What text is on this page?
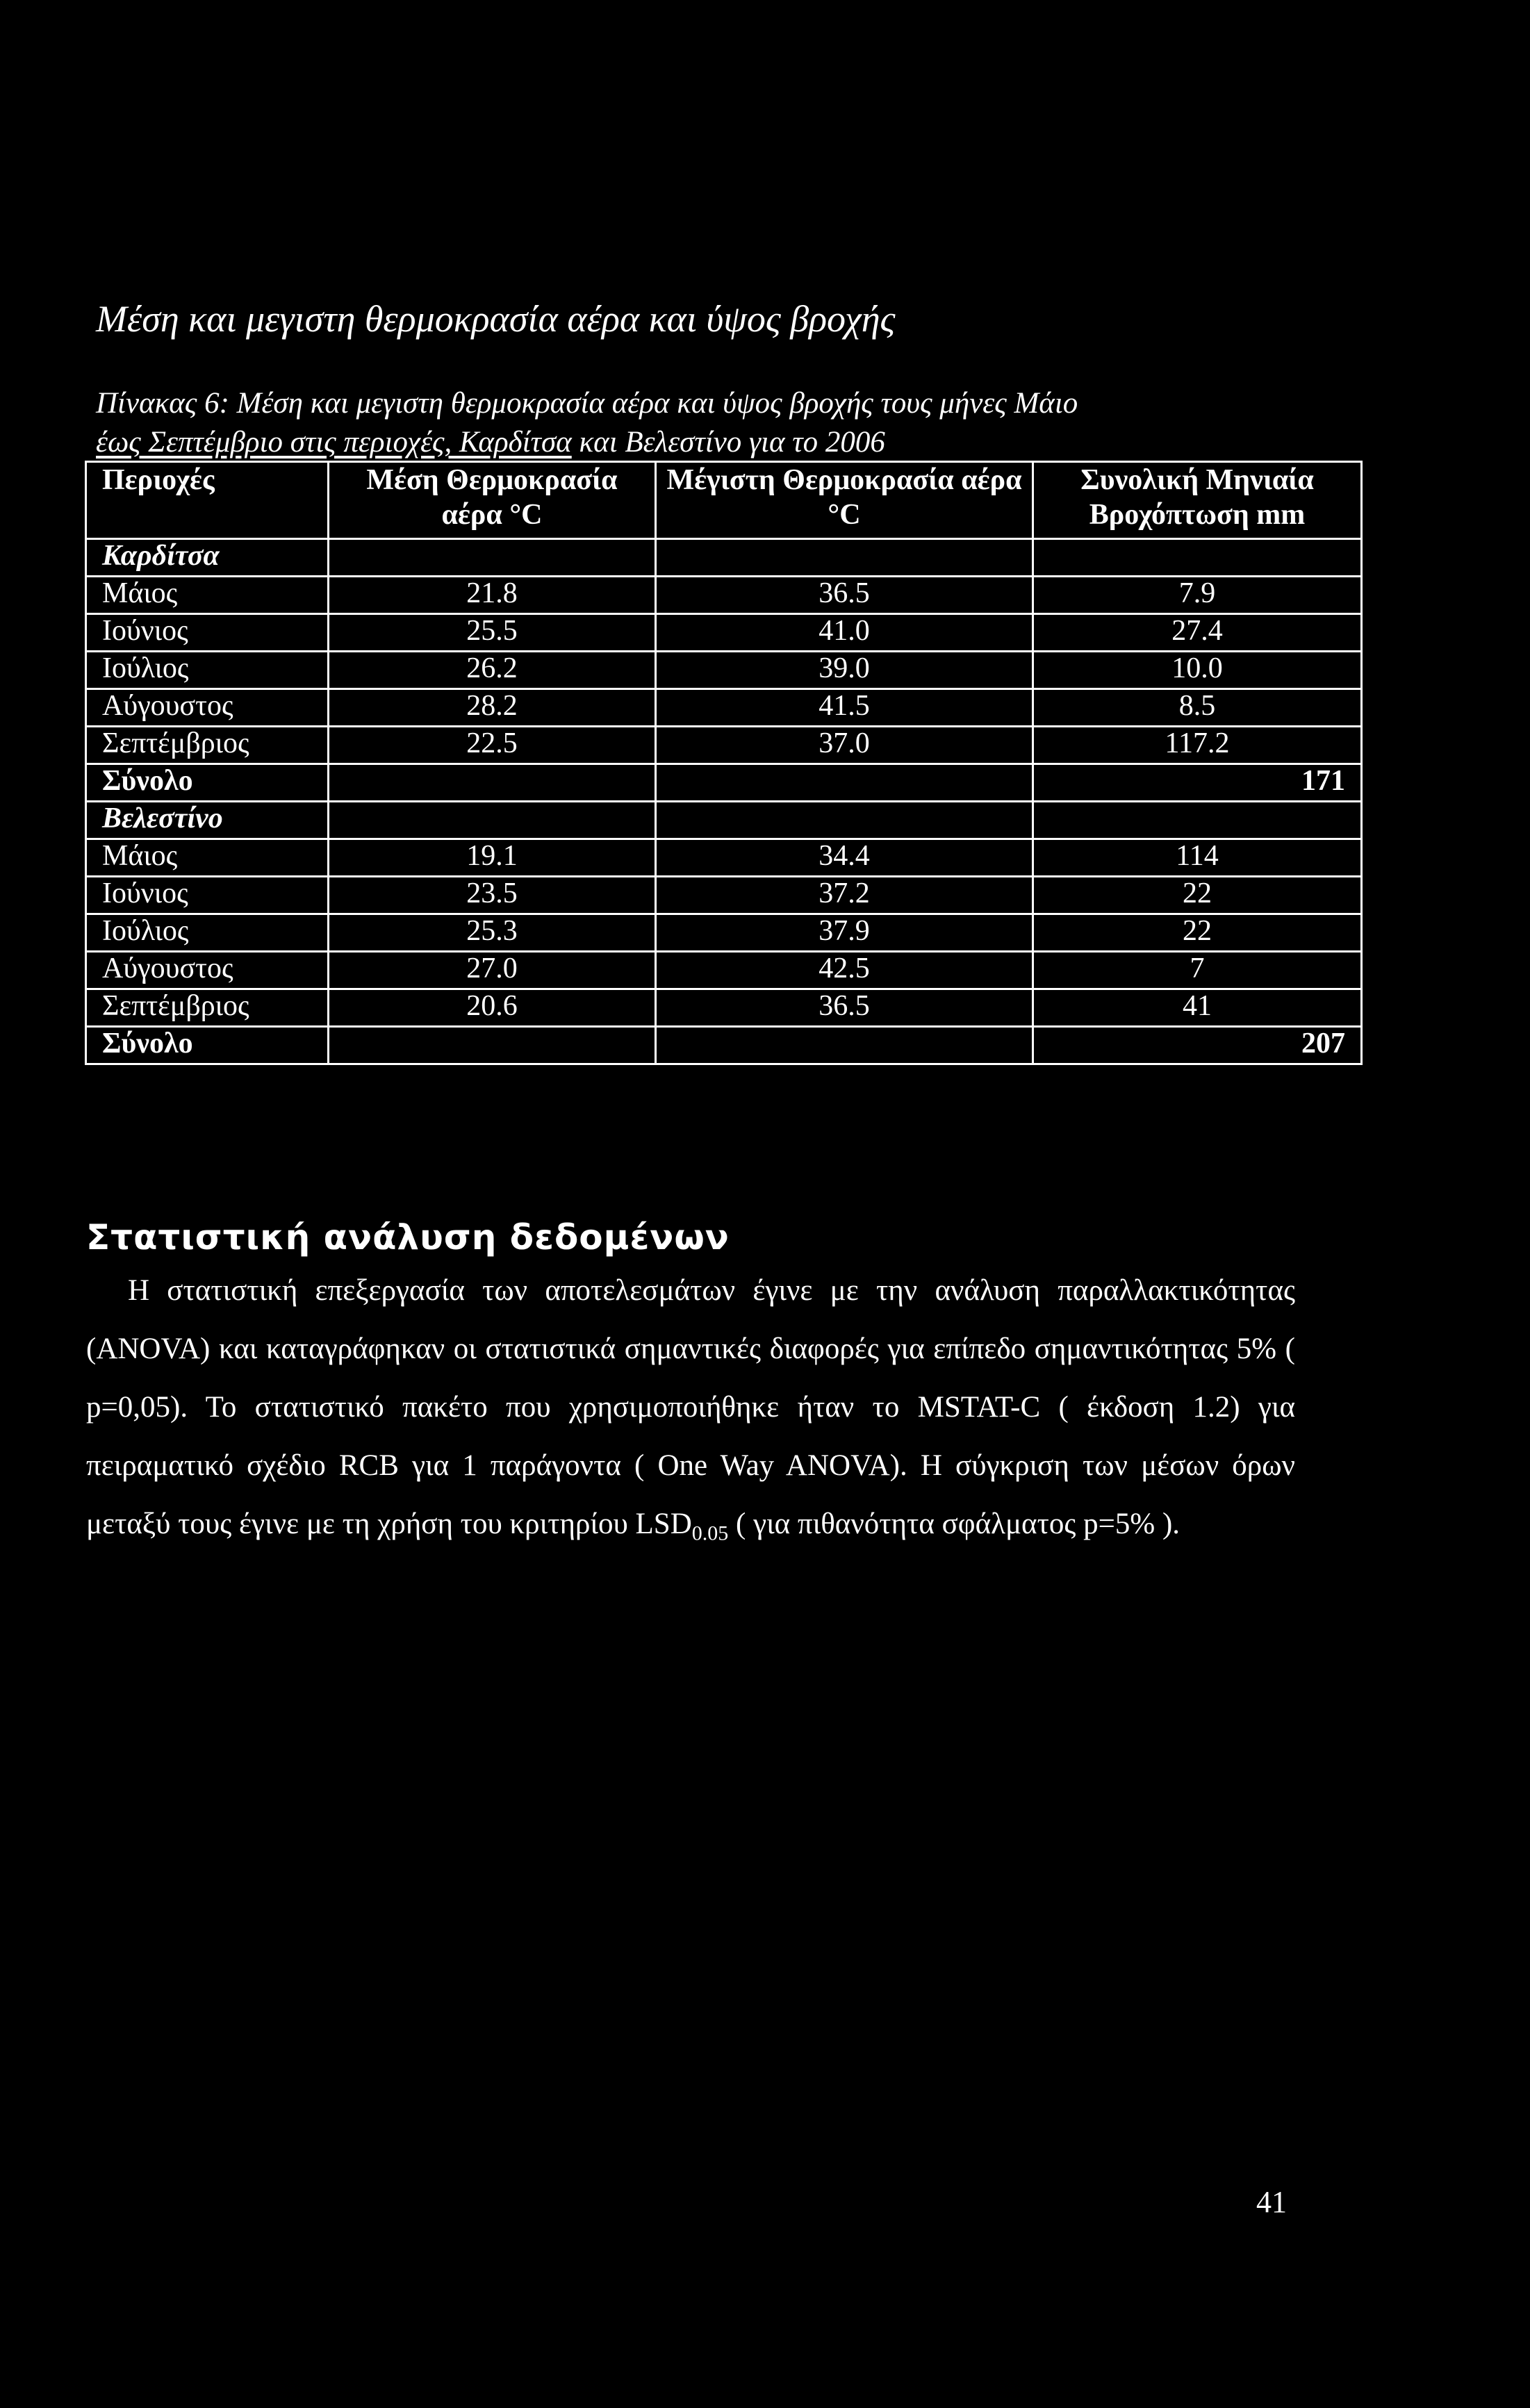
Μέση και μεγιστη θερμοκρασία αέρα και ύψος βροχής
Πίνακας 6: Μέση και μεγιστη θερμοκρασία αέρα και ύψος βροχής τους μήνες Μάιο
έως Σεπτέμβριο στις περιοχές, Καρδίτσα και Βελεστίνο για το 2006
Περιοχές	Μέση Θερμοκρασία αέρα °C	Μέγιστη Θερμοκρασία αέρα °C	Συνολική Μηνιαία Βροχόπτωση mm
Καρδίτσα			
Μάιος	21.8	36.5	7.9
Ιούνιος	25.5	41.0	27.4
Ιούλιος	26.2	39.0	10.0
Αύγουστος	28.2	41.5	8.5
Σεπτέμβριος	22.5	37.0	117.2
Σύνολο			171
Βελεστίνο			
Μάιος	19.1	34.4	114
Ιούνιος	23.5	37.2	22
Ιούλιος	25.3	37.9	22
Αύγουστος	27.0	42.5	7
Σεπτέμβριος	20.6	36.5	41
Σύνολο			207
Στατιστική ανάλυση δεδομένων
Η στατιστική επεξεργασία των αποτελεσμάτων έγινε με την ανάλυση παραλλακτικότητας (ANOVA) και καταγράφηκαν οι στατιστικά σημαντικές διαφορές για επίπεδο σημαντικότητας 5% ( p=0,05). Το στατιστικό πακέτο που χρησιμοποιήθηκε ήταν το MSTAT-C ( έκδοση 1.2) για πειραματικό σχέδιο RCB για 1 παράγοντα ( One Way ANOVA). Η σύγκριση των μέσων όρων μεταξύ τους έγινε με τη χρήση του κριτηρίου $LSD_{0.05}$ ( για πιθανότητα σφάλματος p=5% ).
41
